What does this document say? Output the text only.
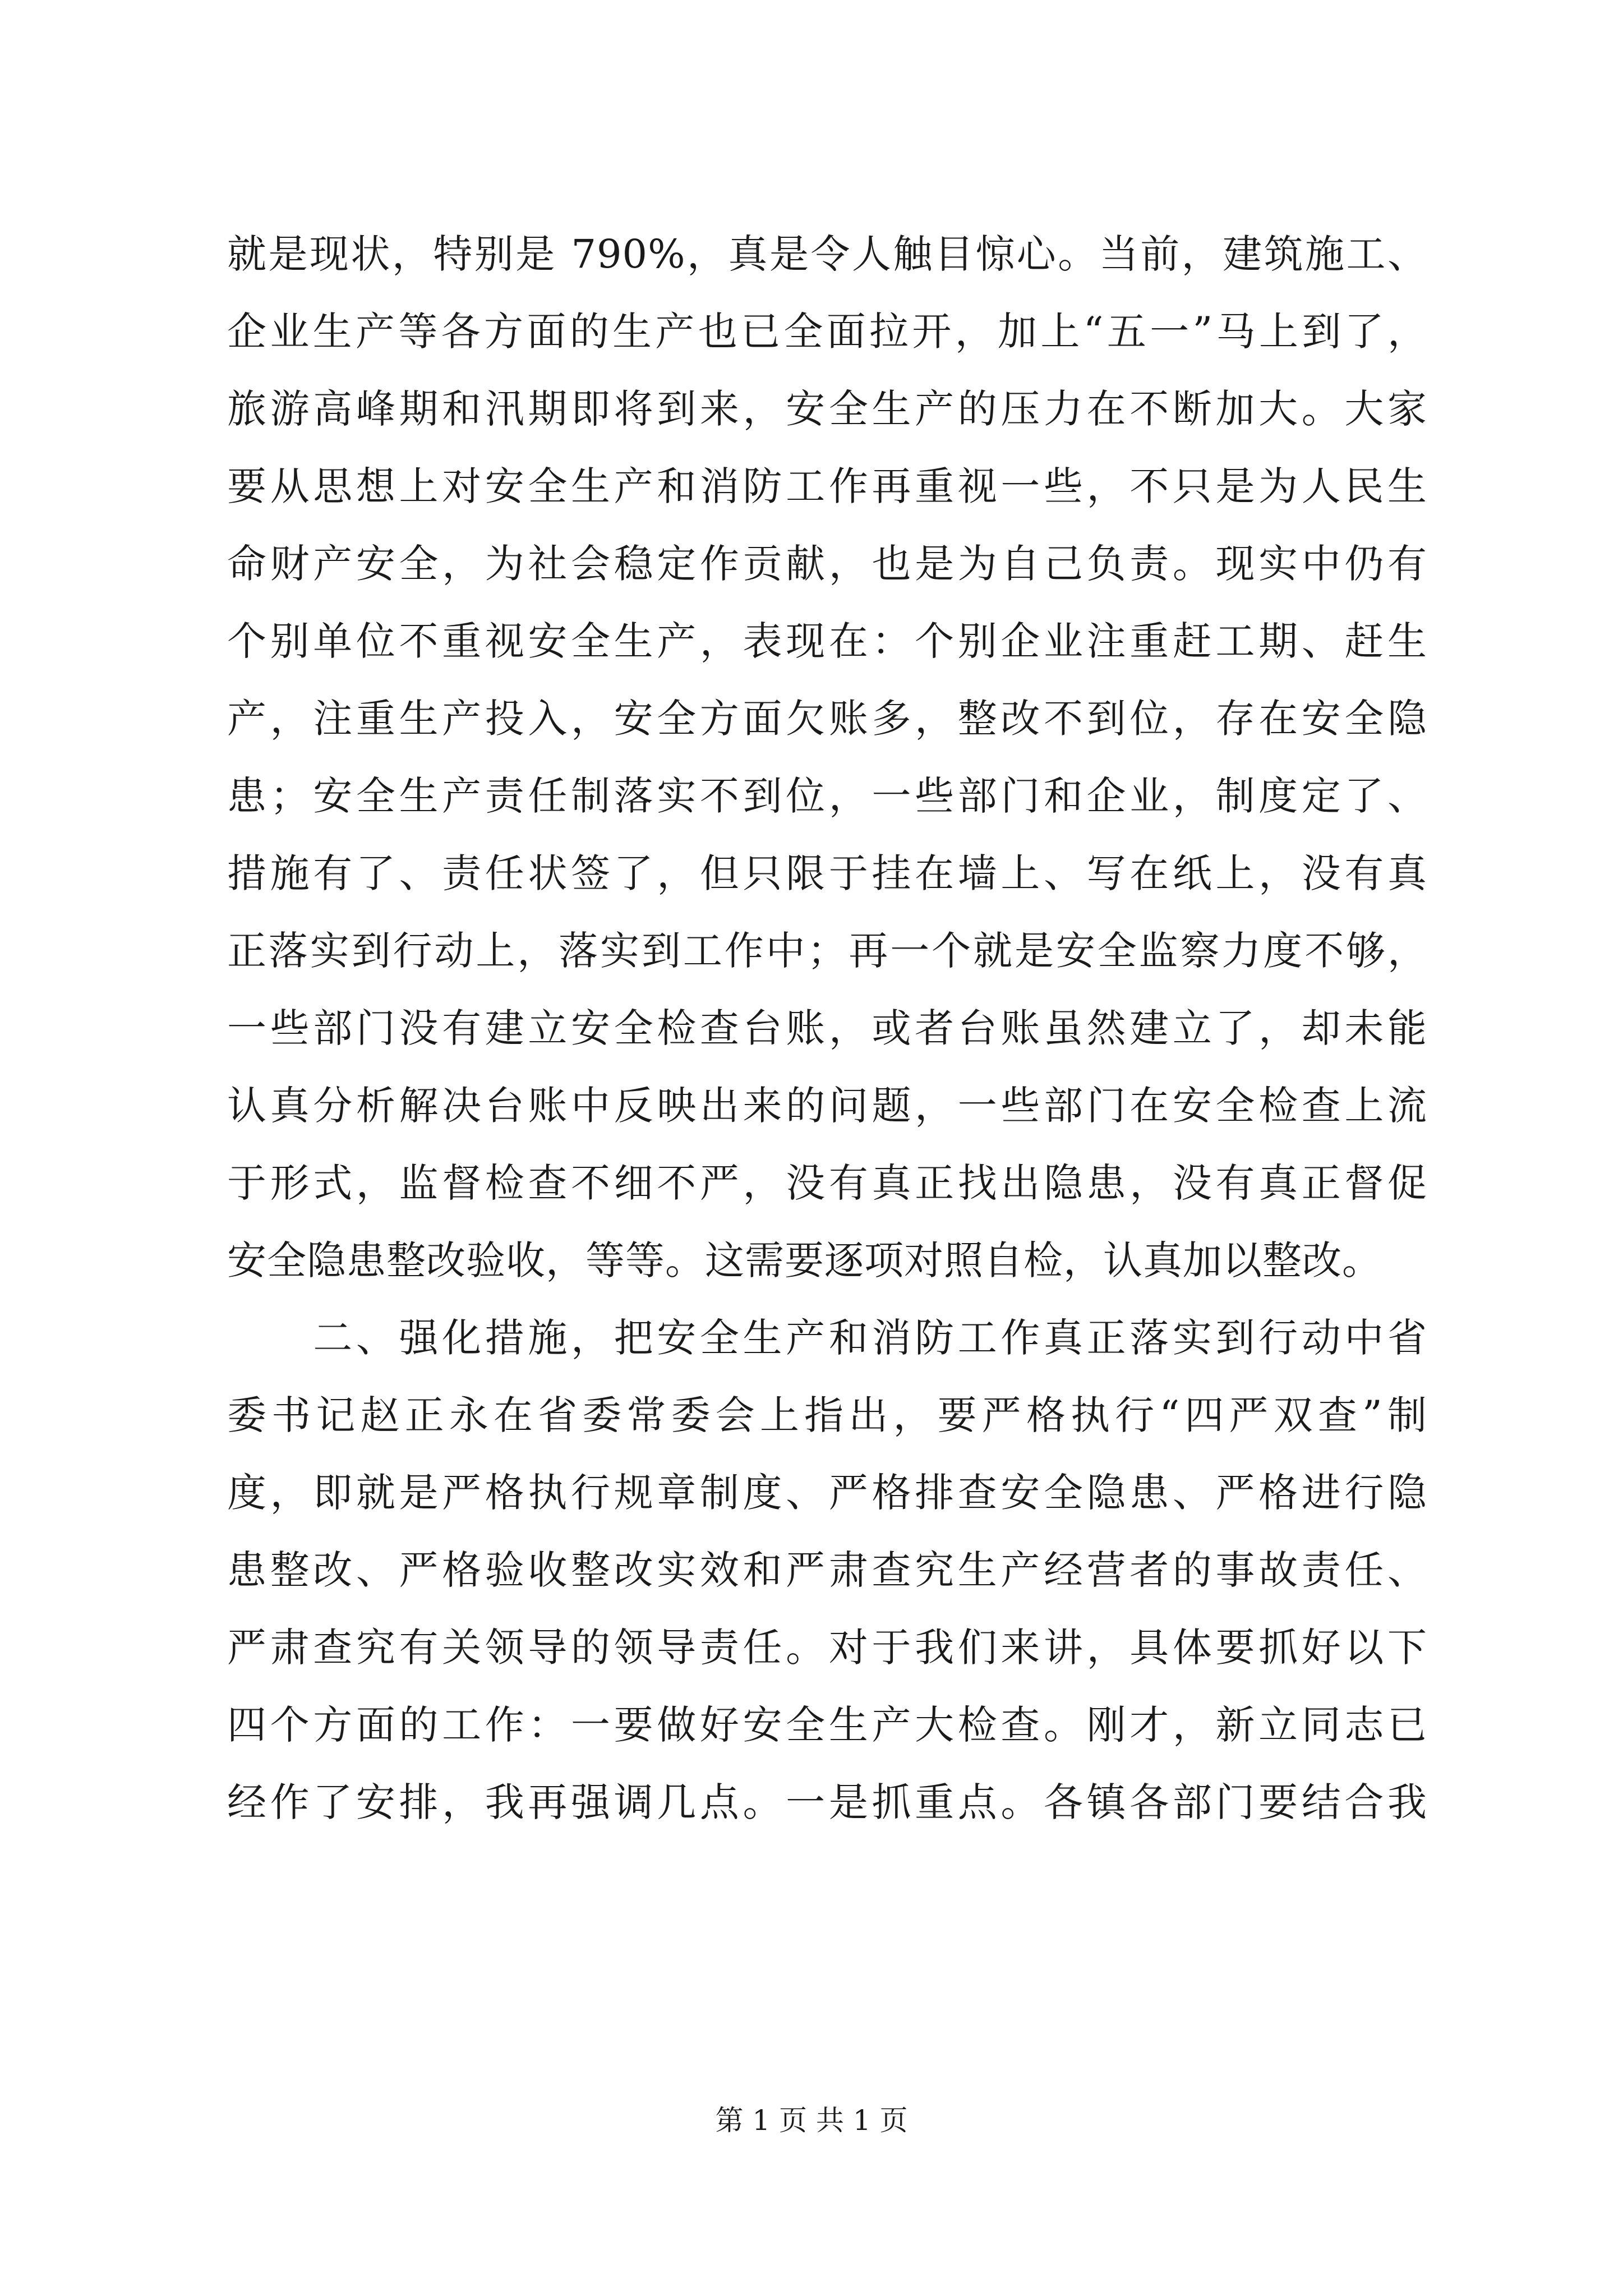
就是现状，特别是 790%，真是令人触目惊心。当前，建筑施工、
企业生产等各方面的生产也已全面拉开，加上“五一”马上到了，
旅游高峰期和汛期即将到来，安全生产的压力在不断加大。大家
要从思想上对安全生产和消防工作再重视一些，不只是为人民生
命财产安全，为社会稳定作贡献，也是为自己负责。现实中仍有
个别单位不重视安全生产，表现在：个别企业注重赶工期、赶生
产，注重生产投入，安全方面欠账多，整改不到位，存在安全隐
患；安全生产责任制落实不到位，一些部门和企业，制度定了、
措施有了、责任状签了，但只限于挂在墙上、写在纸上，没有真
正落实到行动上，落实到工作中；再一个就是安全监察力度不够，
一些部门没有建立安全检查台账，或者台账虽然建立了，却未能
认真分析解决台账中反映出来的问题，一些部门在安全检查上流
于形式，监督检查不细不严，没有真正找出隐患，没有真正督促
安全隐患整改验收，等等。这需要逐项对照自检，认真加以整改。
　　二、强化措施，把安全生产和消防工作真正落实到行动中省
委书记赵正永在省委常委会上指出，要严格执行“四严双查”制
度，即就是严格执行规章制度、严格排查安全隐患、严格进行隐
患整改、严格验收整改实效和严肃查究生产经营者的事故责任、
严肃查究有关领导的领导责任。对于我们来讲，具体要抓好以下
四个方面的工作：一要做好安全生产大检查。刚才，新立同志已
经作了安排，我再强调几点。一是抓重点。各镇各部门要结合我
第 1 页 共 1 页
